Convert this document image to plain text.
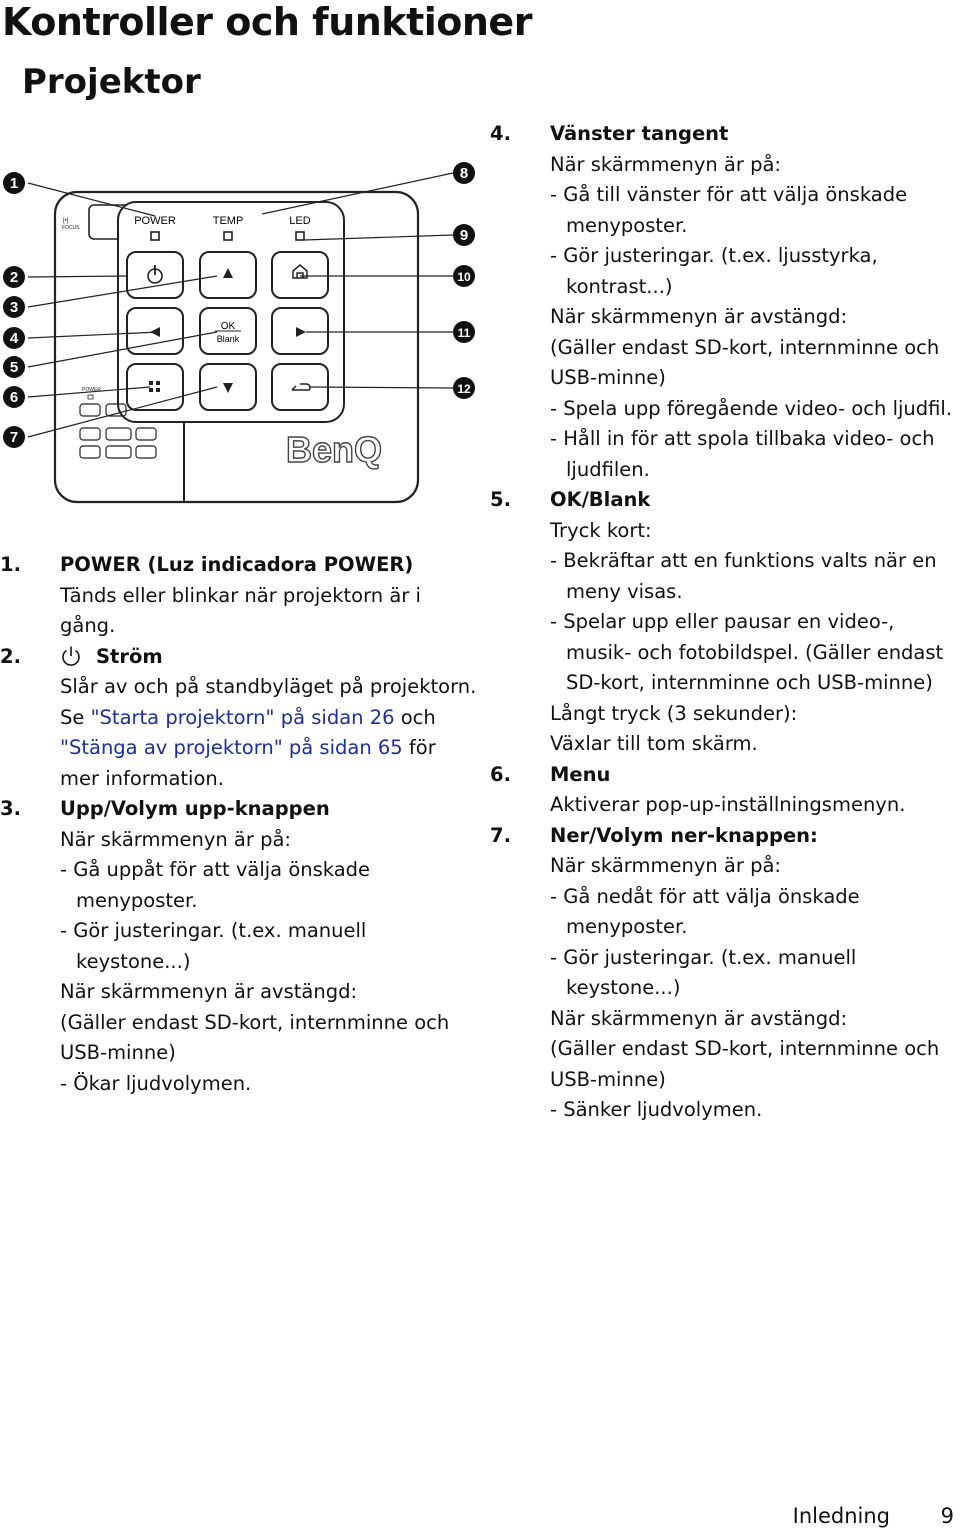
Kontroller och funktioner
Projektor
[•]
FOCUS
POWER	TEMP	LED
OK
Blank
POWER
BenQ
1
2
3
4
5
6
7
8
9
10
11
12
1. POWER (Luz indicadora POWER)
Tänds eller blinkar när projektorn är i gång.
2.	Ström
Slår av och på standbyläget på projektorn.
Se "Starta projektorn" på sidan 26 och "Stänga av projektorn" på sidan 65 för mer information.
3. Upp/Volym upp-knappen
När skärmmenyn är på:
- Gå uppåt för att välja önskade menyposter.
- Gör justeringar. (t.ex. manuell keystone...)
När skärmmenyn är avstängd:
(Gäller endast SD-kort, internminne och USB-minne)
- Ökar ljudvolymen.
4. Vänster tangent
När skärmmenyn är på:
- Gå till vänster för att välja önskade menyposter.
- Gör justeringar. (t.ex. ljusstyrka, kontrast...)
När skärmmenyn är avstängd:
(Gäller endast SD-kort, internminne och USB-minne)
- Spela upp föregående video- och ljudfil.
- Håll in för att spola tillbaka video- och ljudfilen.
5. OK/Blank
Tryck kort:
- Bekräftar att en funktions valts när en meny visas.
- Spelar upp eller pausar en video-, musik- och fotobildspel. (Gäller endast SD-kort, internminne och USB-minne)
Långt tryck (3 sekunder):
Växlar till tom skärm.
6. Menu
Aktiverar pop-up-inställningsmenyn.
7. Ner/Volym ner-knappen:
När skärmmenyn är på:
- Gå nedåt för att välja önskade menyposter.
- Gör justeringar. (t.ex. manuell keystone...)
När skärmmenyn är avstängd:
(Gäller endast SD-kort, internminne och USB-minne)
- Sänker ljudvolymen.
Inledning 9
